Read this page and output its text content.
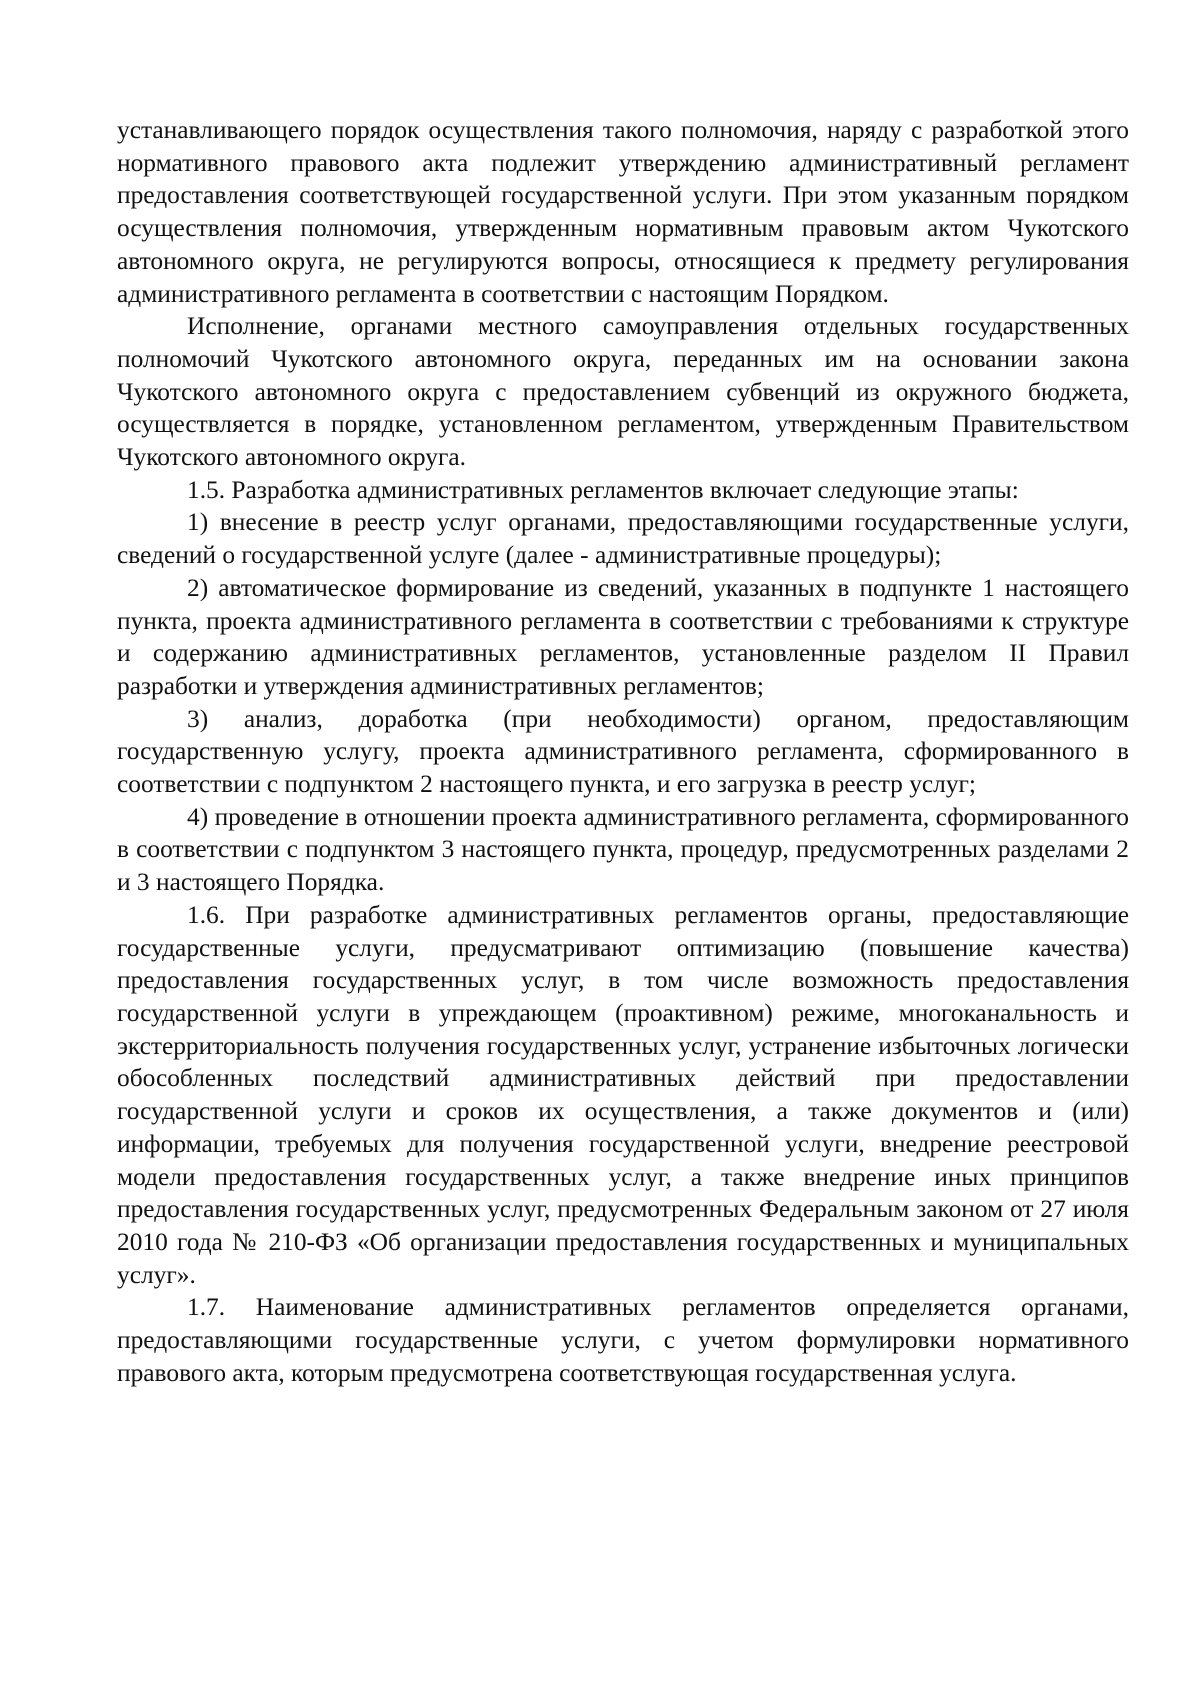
устанавливающего порядок осуществления такого полномочия, наряду с разработкой этого нормативного правового акта подлежит утверждению административный регламент предоставления соответствующей государственной услуги. При этом указанным порядком осуществления полномочия, утвержденным нормативным правовым актом Чукотского автономного округа, не регулируются вопросы, относящиеся к предмету регулирования административного регламента в соответствии с настоящим Порядком.

Исполнение, органами местного самоуправления отдельных государственных полномочий Чукотского автономного округа, переданных им на основании закона Чукотского автономного округа с предоставлением субвенций из окружного бюджета, осуществляется в порядке, установленном регламентом, утвержденным Правительством Чукотского автономного округа.

1.5. Разработка административных регламентов включает следующие этапы:

1) внесение в реестр услуг органами, предоставляющими государственные услуги, сведений о государственной услуге (далее - административные процедуры);

2) автоматическое формирование из сведений, указанных в подпункте 1 настоящего пункта, проекта административного регламента в соответствии с требованиями к структуре и содержанию административных регламентов, установленные разделом II Правил разработки и утверждения административных регламентов;

3) анализ, доработка (при необходимости) органом, предоставляющим государственную услугу, проекта административного регламента, сформированного в соответствии с подпунктом 2 настоящего пункта, и его загрузка в реестр услуг;

4) проведение в отношении проекта административного регламента, сформированного в соответствии с подпунктом 3 настоящего пункта, процедур, предусмотренных разделами 2 и 3 настоящего Порядка.

1.6. При разработке административных регламентов органы, предоставляющие государственные услуги, предусматривают оптимизацию (повышение качества) предоставления государственных услуг, в том числе возможность предоставления государственной услуги в упреждающем (проактивном) режиме, многоканальность и экстерриториальность получения государственных услуг, устранение избыточных логически обособленных последствий административных действий при предоставлении государственной услуги и сроков их осуществления, а также документов и (или) информации, требуемых для получения государственной услуги, внедрение реестровой модели предоставления государственных услуг, а также внедрение иных принципов предоставления государственных услуг, предусмотренных Федеральным законом от 27 июля 2010 года № 210-ФЗ «Об организации предоставления государственных и муниципальных услуг».

1.7. Наименование административных регламентов определяется органами, предоставляющими государственные услуги, с учетом формулировки нормативного правового акта, которым предусмотрена соответствующая государственная услуга.
